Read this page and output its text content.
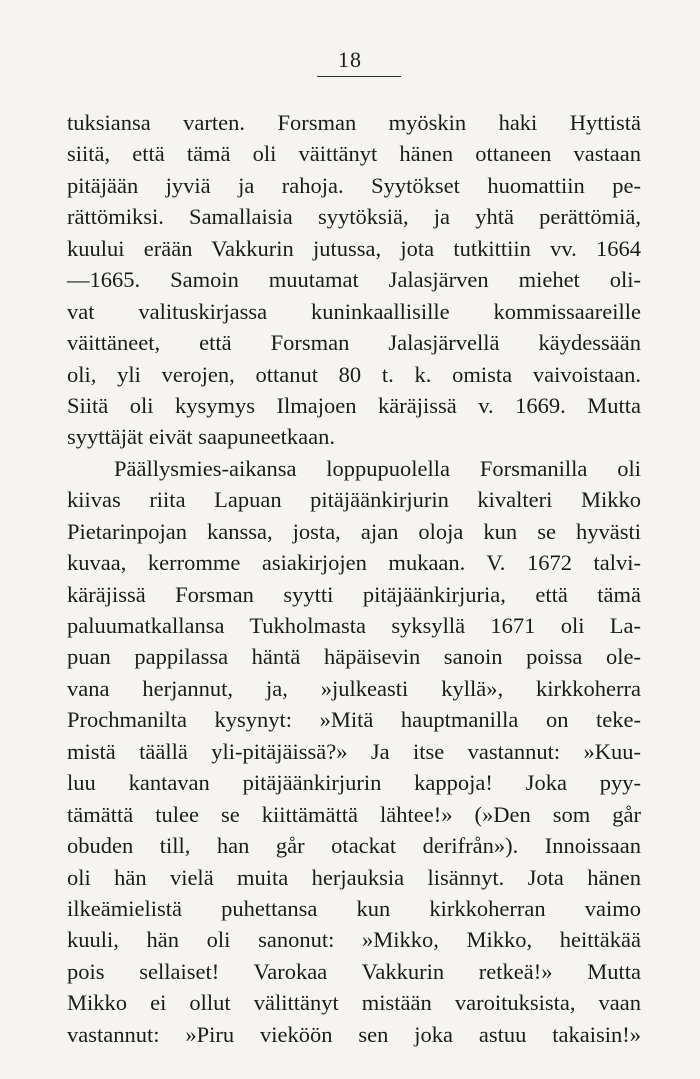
18
tuksiansa varten. Forsman myöskin haki Hyttistä
siitä, että tämä oli väittänyt hänen ottaneen vastaan
pitäjään jyviä ja rahoja. Syytökset huomattiin pe-
rättömiksi. Samallaisia syytöksiä, ja yhtä perättömiä,
kuului erään Vakkurin jutussa, jota tutkittiin vv. 1664
—1665. Samoin muutamat Jalasjärven miehet oli-
vat valituskirjassa kuninkaallisille kommissaareille
väittäneet, että Forsman Jalasjärvellä käydessään
oli, yli verojen, ottanut 80 t. k. omista vaivoistaan.
Siitä oli kysymys Ilmajoen käräjissä v. 1669. Mutta
syyttäjät eivät saapuneetkaan.
Päällysmies-aikansa loppupuolella Forsmanilla oli
kiivas riita Lapuan pitäjäänkirjurin kivalteri Mikko
Pietarinpojan kanssa, josta, ajan oloja kun se hyvästi
kuvaa, kerromme asiakirjojen mukaan. V. 1672 talvi-
käräjissä Forsman syytti pitäjäänkirjuria, että tämä
paluumatkallansa Tukholmasta syksyllä 1671 oli La-
puan pappilassa häntä häpäisevin sanoin poissa ole-
vana herjannut, ja, »julkeasti kyllä», kirkkoherra
Prochmanilta kysynyt: »Mitä hauptmanilla on teke-
mistä täällä yli-pitäjäissä?» Ja itse vastannut: »Kuu-
luu kantavan pitäjäänkirjurin kappoja! Joka pyy-
tämättä tulee se kiittämättä lähtee!» (»Den som går
obuden till, han går otackat derifrån»). Innoissaan
oli hän vielä muita herjauksia lisännyt. Jota hänen
ilkeämielistä puhettansa kun kirkkoherran vaimo
kuuli, hän oli sanonut: »Mikko, Mikko, heittäkää
pois sellaiset! Varokaa Vakkurin retkeä!» Mutta
Mikko ei ollut välittänyt mistään varoituksista, vaan
vastannut: »Piru vieköön sen joka astuu takaisin!»
